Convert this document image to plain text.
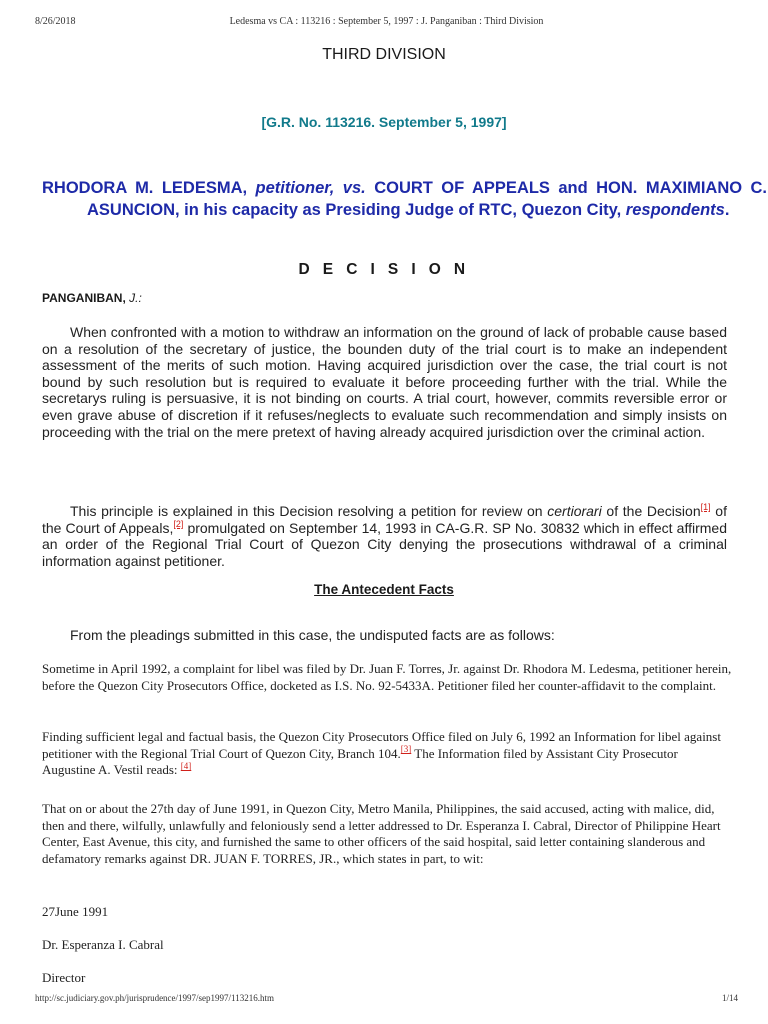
8/26/2018	Ledesma vs CA : 113216 : September 5, 1997 : J. Panganiban : Third Division
THIRD DIVISION
[G.R. No. 113216. September 5, 1997]
RHODORA M. LEDESMA, petitioner, vs. COURT OF APPEALS and HON. MAXIMIANO C. ASUNCION, in his capacity as Presiding Judge of RTC, Quezon City, respondents.
D E C I S I O N
PANGANIBAN, J.:

When confronted with a motion to withdraw an information on the ground of lack of probable cause based on a resolution of the secretary of justice, the bounden duty of the trial court is to make an independent assessment of the merits of such motion. Having acquired jurisdiction over the case, the trial court is not bound by such resolution but is required to evaluate it before proceeding further with the trial. While the secretarys ruling is persuasive, it is not binding on courts. A trial court, however, commits reversible error or even grave abuse of discretion if it refuses/neglects to evaluate such recommendation and simply insists on proceeding with the trial on the mere pretext of having already acquired jurisdiction over the criminal action.

This principle is explained in this Decision resolving a petition for review on certiorari of the Decision[1] of the Court of Appeals,[2] promulgated on September 14, 1993 in CA-G.R. SP No. 30832 which in effect affirmed an order of the Regional Trial Court of Quezon City denying the prosecutions withdrawal of a criminal information against petitioner.

The Antecedent Facts
From the pleadings submitted in this case, the undisputed facts are as follows:

Sometime in April 1992, a complaint for libel was filed by Dr. Juan F. Torres, Jr. against Dr. Rhodora M. Ledesma, petitioner herein, before the Quezon City Prosecutors Office, docketed as I.S. No. 92-5433A. Petitioner filed her counter-affidavit to the complaint.

Finding sufficient legal and factual basis, the Quezon City Prosecutors Office filed on July 6, 1992 an Information for libel against petitioner with the Regional Trial Court of Quezon City, Branch 104.[3] The Information filed by Assistant City Prosecutor Augustine A. Vestil reads: [4]

That on or about the 27th day of June 1991, in Quezon City, Metro Manila, Philippines, the said accused, acting with malice, did, then and there, wilfully, unlawfully and feloniously send a letter addressed to Dr. Esperanza I. Cabral, Director of Philippine Heart Center, East Avenue, this city, and furnished the same to other officers of the said hospital, said letter containing slanderous and defamatory remarks against DR. JUAN F. TORRES, JR., which states in part, to wit:

27June 1991

Dr. Esperanza I. Cabral

Director

http://sc.judiciary.gov.ph/jurisprudence/1997/sep1997/113216.htm	1/14
